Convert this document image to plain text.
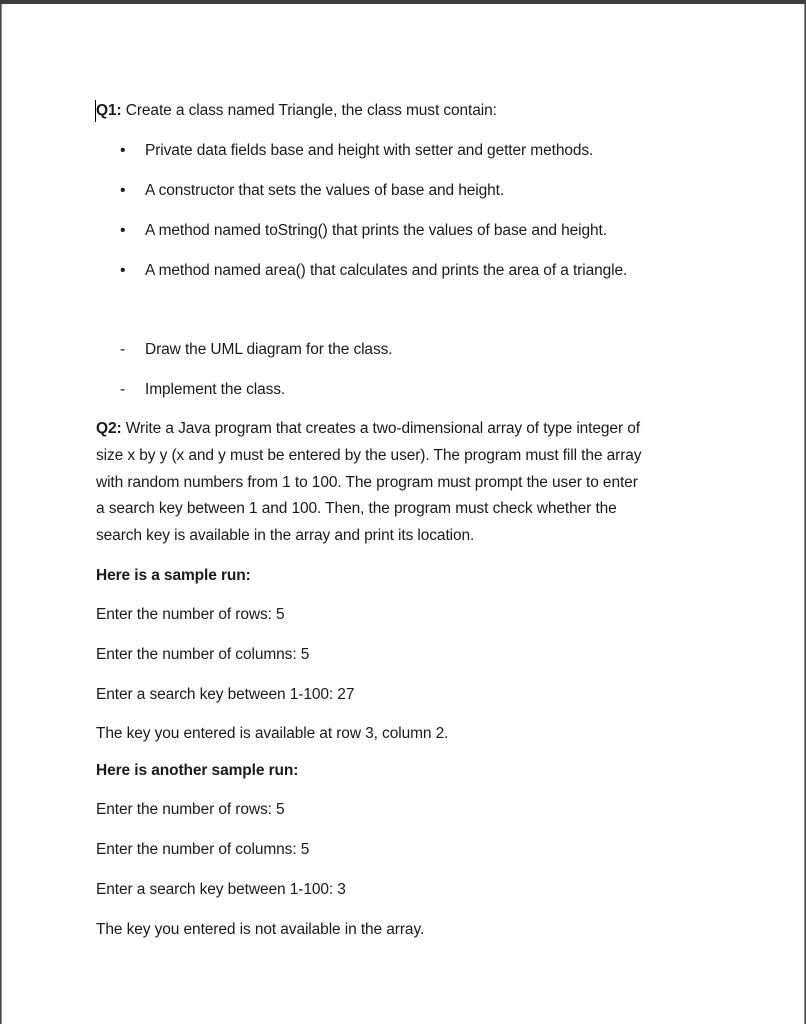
Q1: Create a class named Triangle, the class must contain:
•	Private data fields base and height with setter and getter methods.
•	A constructor that sets the values of base and height.
•	A method named toString() that prints the values of base and height.
•	A method named area() that calculates and prints the area of a triangle.
- Draw the UML diagram for the class.
- Implement the class.
Q2: Write a Java program that creates a two-dimensional array of type integer of
size x by y (x and y must be entered by the user). The program must fill the array
with random numbers from 1 to 100. The program must prompt the user to enter
a search key between 1 and 100. Then, the program must check whether the
search key is available in the array and print its location.
Here is a sample run:
Enter the number of rows: 5
Enter the number of columns: 5
Enter a search key between 1-100: 27
The key you entered is available at row 3, column 2.
Here is another sample run:
Enter the number of rows: 5
Enter the number of columns: 5
Enter a search key between 1-100: 3
The key you entered is not available in the array.
